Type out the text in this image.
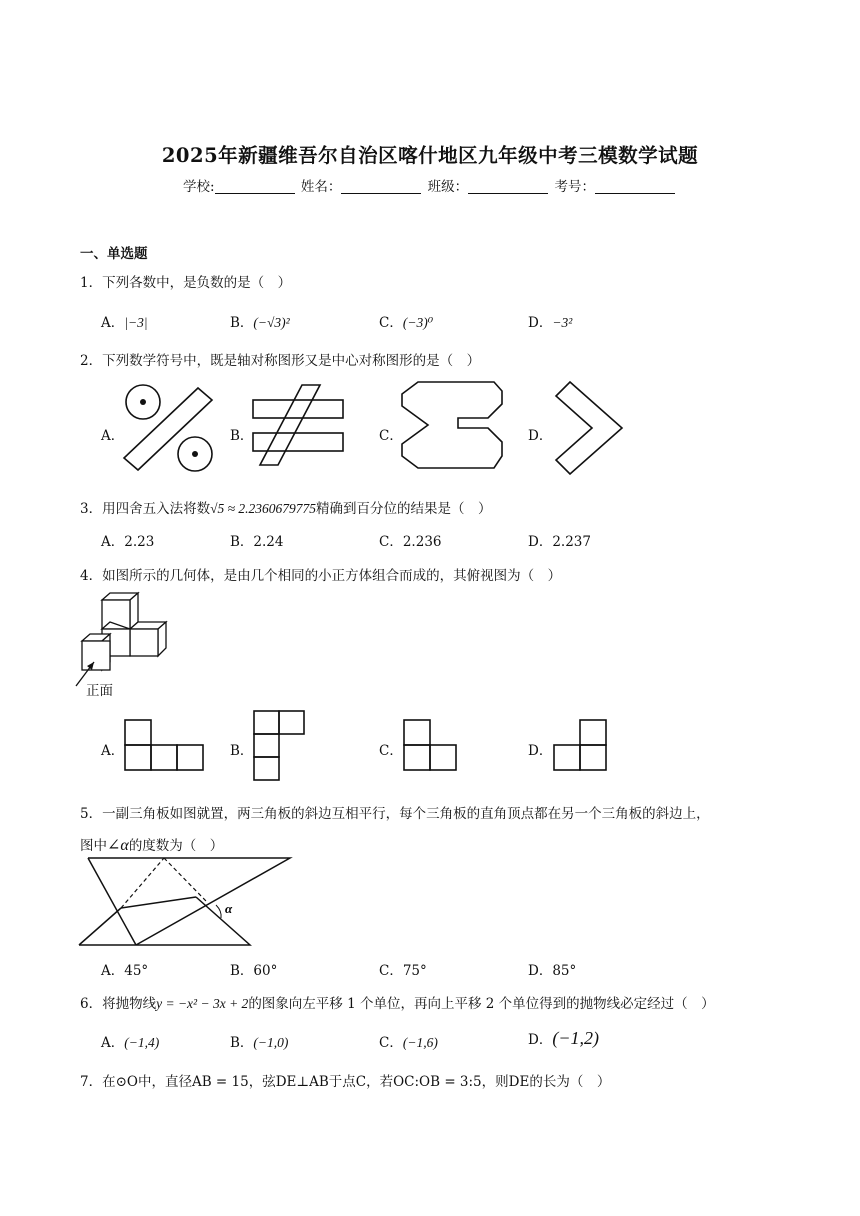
2025年新疆维吾尔自治区喀什地区九年级中考三模数学试题
学校:	姓名：	班级：	考号：
一、单选题
1．下列各数中，是负数的是（　）
A．|−3|	B．(−√3)²	C．(−3)⁰	D．−3²
2．下列数学符号中，既是轴对称图形又是中心对称图形的是（　）
A．	B．	C．	D．
3．用四舍五入法将数√5 ≈ 2.2360679775精确到百分位的结果是（　）
A．2.23	B．2.24	C．2.236	D．2.237
4．如图所示的几何体，是由几个相同的小正方体组合而成的，其俯视图为（　）
正面
A．	B．	C．	D．
5．一副三角板如图就置，两三角板的斜边互相平行，每个三角板的直角顶点都在另一个三角板的斜边上，
图中∠α的度数为（　）
α
A．45°	B．60°	C．75°	D．85°
6．将抛物线y = −x² − 3x + 2的图象向左平移 1 个单位，再向上平移 2 个单位得到的抛物线必定经过（　）
A．(−1,4)	B．(−1,0)	C．(−1,6)	D．(−1,2)
7．在⊙O中，直径AB = 15，弦DE⊥AB于点C，若OC:OB = 3:5，则DE的长为（　）
